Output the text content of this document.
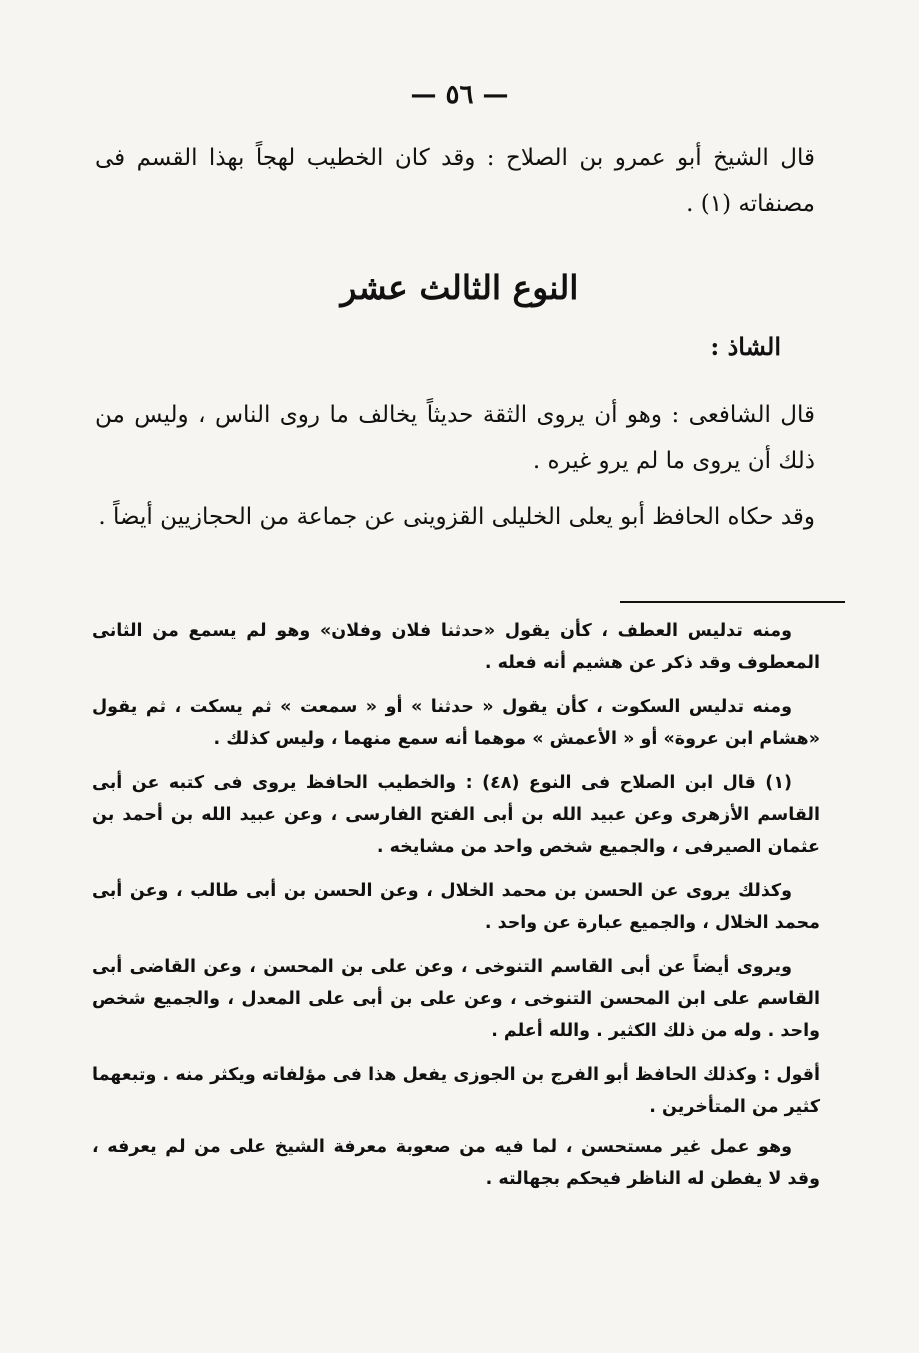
— ٥٦ —
قال الشيخ أبو عمرو بن الصلاح : وقد كان الخطيب لهجاً بهذا القسم فى مصنفاته (١) .
النوع الثالث عشر
الشاذ :
قال الشافعى : وهو أن يروى الثقة حديثاً يخالف ما روى الناس ، وليس من ذلك أن يروى ما لم يرو غيره .
وقد حكاه الحافظ أبو يعلى الخليلى القزوينى عن جماعة من الحجازيين أيضاً .

ومنه تدليس العطف ، كأن يقول «حدثنا فلان وفلان» وهو لم يسمع من الثانى المعطوف وقد ذكر عن هشيم أنه فعله .

ومنه تدليس السكوت ، كأن يقول « حدثنا » أو « سمعت » ثم يسكت ، ثم يقول «هشام ابن عروة» أو « الأعمش » موهما أنه سمع منهما ، وليس كذلك .

(١) قال ابن الصلاح فى النوع (٤٨) : والخطيب الحافظ يروى فى كتبه عن أبى القاسم الأزهرى وعن عبيد الله بن أبى الفتح الفارسى ، وعن عبيد الله بن أحمد بن عثمان الصيرفى ، والجميع شخص واحد من مشايخه .

وكذلك يروى عن الحسن بن محمد الخلال ، وعن الحسن بن أبى طالب ، وعن أبى محمد الخلال ، والجميع عبارة عن واحد .

ويروى أيضاً عن أبى القاسم التنوخى ، وعن على بن المحسن ، وعن القاضى أبى القاسم على ابن المحسن التنوخى ، وعن على بن أبى على المعدل ، والجميع شخص واحد . وله من ذلك الكثير . والله أعلم .

أقول : وكذلك الحافظ أبو الفرج بن الجوزى يفعل هذا فى مؤلفاته ويكثر منه . وتبعهما كثير من المتأخرين .

وهو عمل غير مستحسن ، لما فيه من صعوبة معرفة الشيخ على من لم يعرفه ، وقد لا يفطن له الناظر فيحكم بجهالته .
